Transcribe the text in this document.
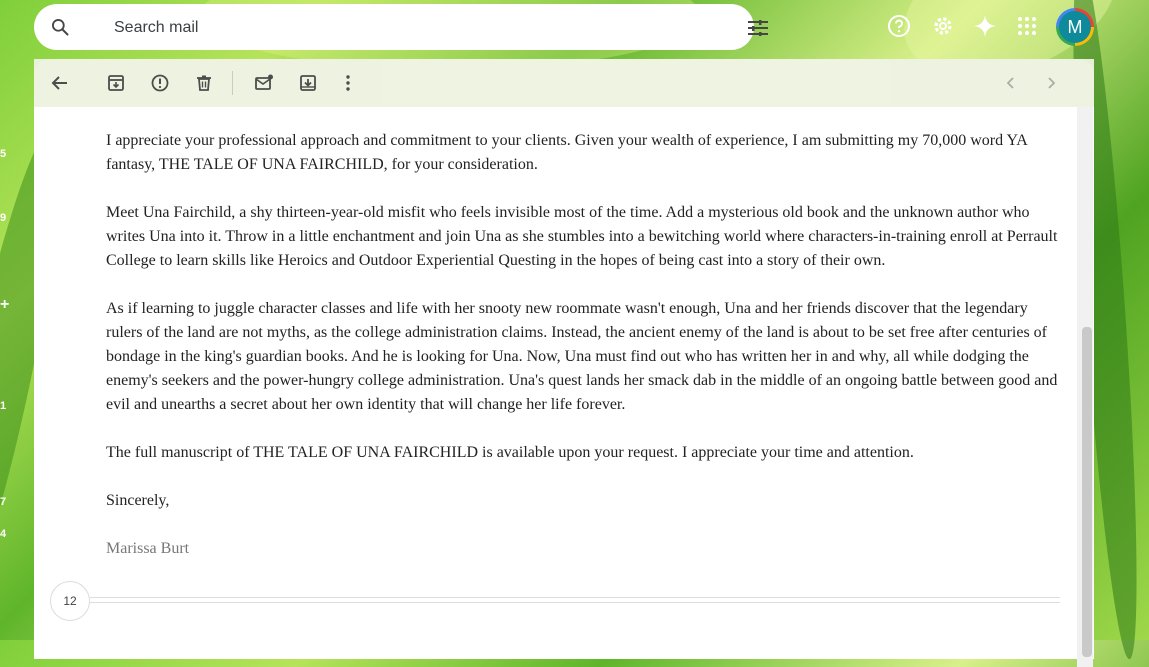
5
9
+
1
7
4
Search mail
M

I appreciate your professional approach and commitment to your clients. Given your wealth of experience, I am submitting my 70,000 word YA fantasy, THE TALE OF UNA FAIRCHILD, for your consideration.

Meet Una Fairchild, a shy thirteen-year-old misfit who feels invisible most of the time. Add a mysterious old book and the unknown author who writes Una into it. Throw in a little enchantment and join Una as she stumbles into a bewitching world where characters-in-training enroll at Perrault College to learn skills like Heroics and Outdoor Experiential Questing in the hopes of being cast into a story of their own.

As if learning to juggle character classes and life with her snooty new roommate wasn't enough, Una and her friends discover that the legendary rulers of the land are not myths, as the college administration claims. Instead, the ancient enemy of the land is about to be set free after centuries of bondage in the king's guardian books. And he is looking for Una. Now, Una must find out who has written her in and why, all while dodging the enemy's seekers and the power-hungry college administration. Una's quest lands her smack dab in the middle of an ongoing battle between good and evil and unearths a secret about her own identity that will change her life forever.

The full manuscript of THE TALE OF UNA FAIRCHILD is available upon your request. I appreciate your time and attention.

Sincerely,

Marissa Burt

12
